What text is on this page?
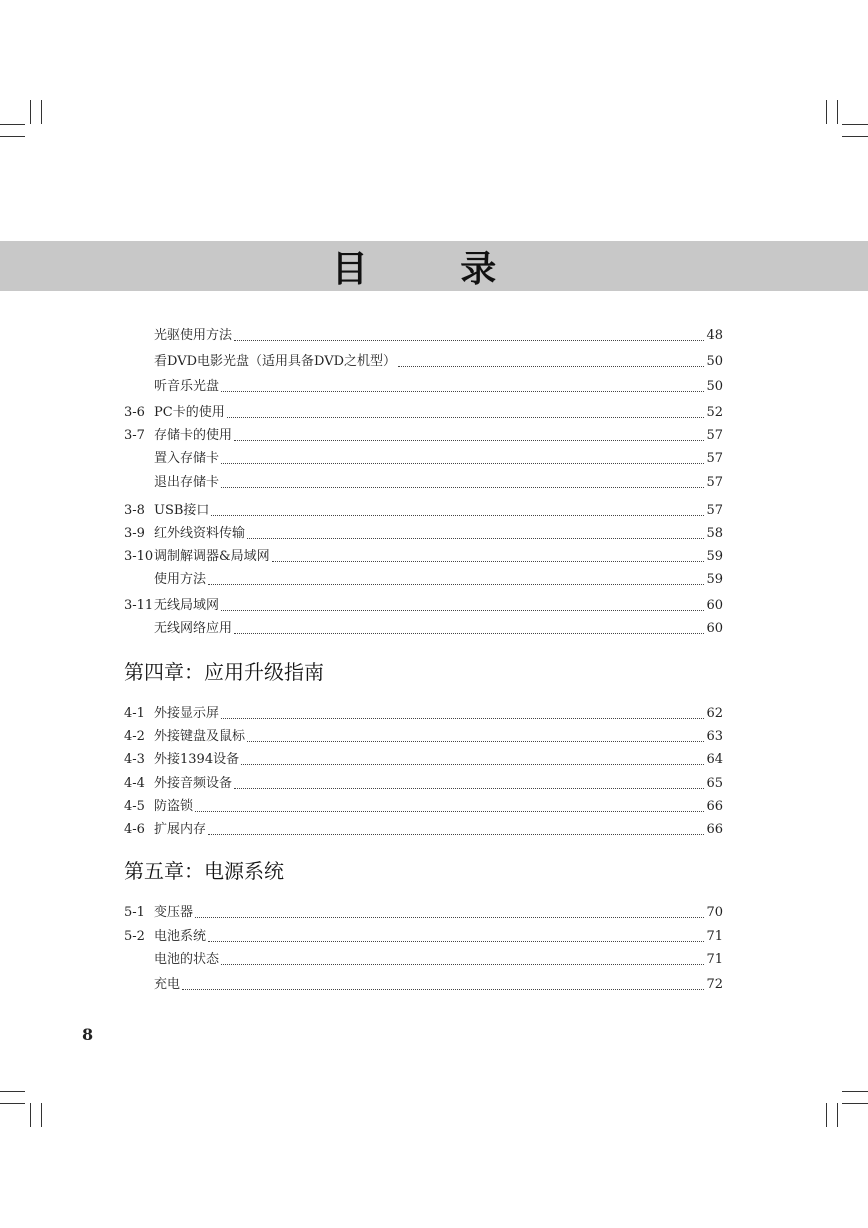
目 录
光驱使用方法	48
看DVD电影光盘（适用具备DVD之机型）	50
听音乐光盘	50
3-6 PC卡的使用	52
3-7 存储卡的使用	57
置入存储卡	57
退出存储卡	57
3-8 USB接口	57
3-9 红外线资料传输	58
3-10 调制解调器&局域网	59
使用方法	59
3-11 无线局域网	60
无线网络应用	60
第四章：应用升级指南
4-1 外接显示屏	62
4-2 外接键盘及鼠标	63
4-3 外接1394设备	64
4-4 外接音频设备	65
4-5 防盗锁	66
4-6 扩展内存	66
第五章：电源系统
5-1 变压器	70
5-2 电池系统	71
电池的状态	71
充电	72
8
